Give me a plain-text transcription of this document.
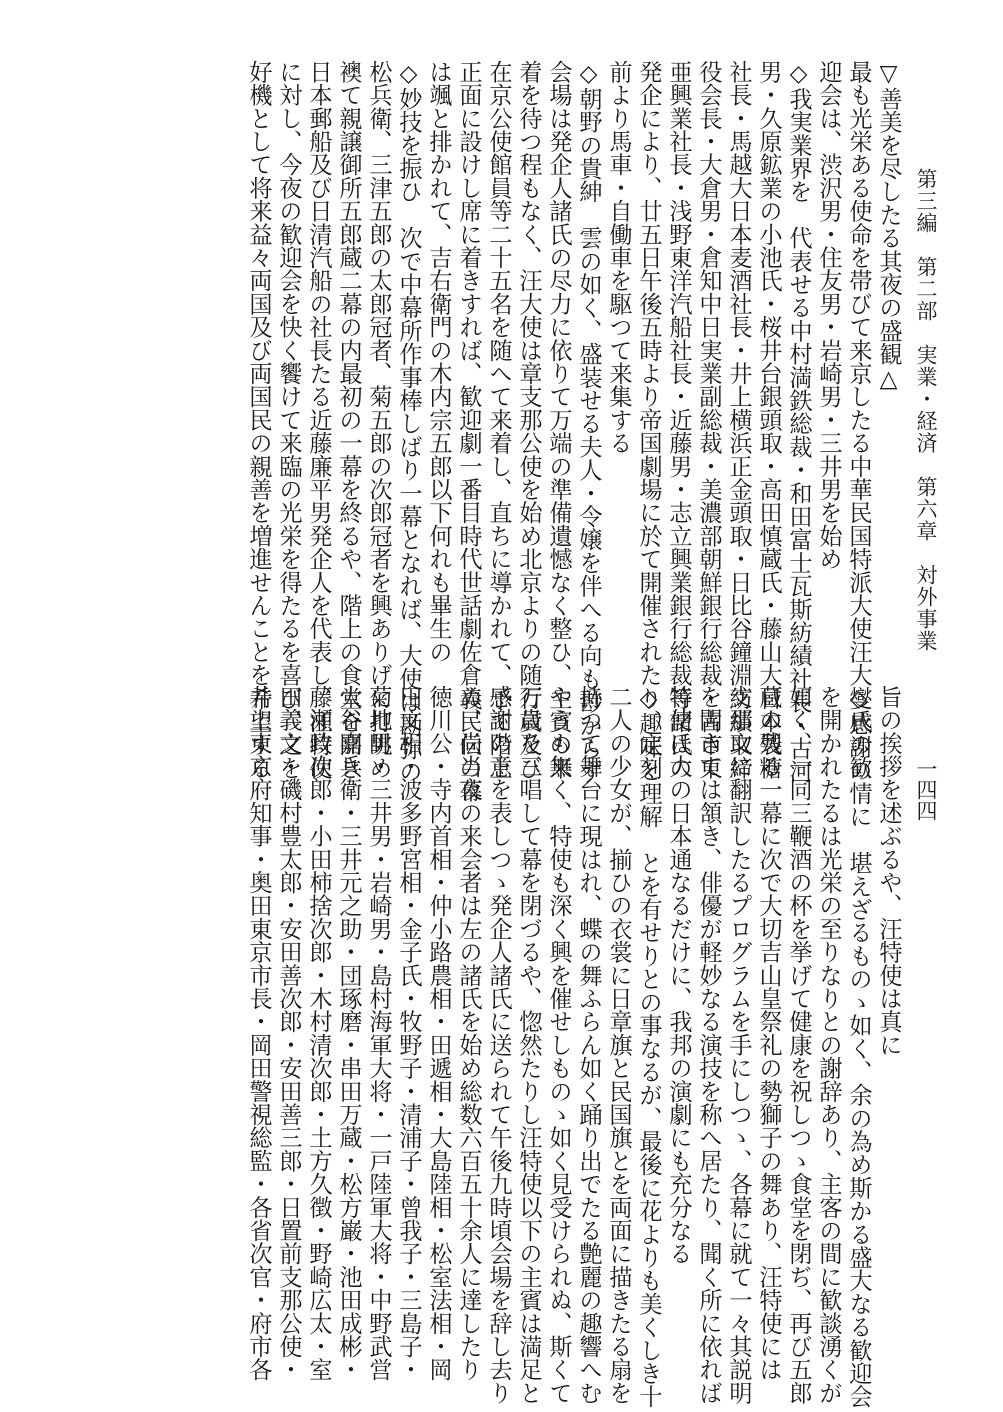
第三編　第二部　実業・経済　第六章　対外事業
一四四
▽善美を尽したる其夜の盛観△
最も光栄ある使命を帯びて来京したる中華民国特派大使汪大燮氏の歓
迎会は、渋沢男・住友男・岩崎男・三井男を始め
◇我実業界を　代表せる中村満鉄総裁・和田富士瓦斯紡績社長・古河
男・久原鉱業の小池氏・桜井台銀頭取・高田慎蔵氏・藤山大日本製糖
社長・馬越大日本麦酒社長・井上横浜正金頭取・日比谷鐘淵紡績取締
役会長・大倉男・倉知中日実業副総裁・美濃部朝鮮銀行総裁・古市東
亜興業社長・浅野東洋汽船社長・近藤男・志立興業銀行総裁等諸氏の
発企により、廿五日午後五時より帝国劇場に於て開催されたり、定刻
前より馬車・自働車を駆つて来集する
◇朝野の貴紳　雲の如く、盛装せる夫人・令嬢を伴へる向も尠からず
会場は発企人諸氏の尽力に依りて万端の準備遺憾なく整ひ、主賓の来
着を待つ程もなく、汪大使は章支那公使を始め北京よりの随行員及び
在京公使館員等二十五名を随へて来着し、直ちに導かれて、予て階上
正面に設けし席に着きすれば、歓迎劇一番目時代世話劇佐倉義民伝の幕
は颯と排かれて、吉右衛門の木内宗五郎以下何れも畢生の
◇妙技を振ひ　次で中幕所作事棒しばり一幕となれば、大使は勘弥の
松兵衛、三津五郎の太郎冠者、菊五郎の次郎冠者を興ありげに打眺め
襖て親譲御所五郎蔵二幕の内最初の一幕を終るや、階上の食堂を開き
日本郵船及び日清汽船の社長たる近藤廉平男発企人を代表し、汪特使
に対し、今夜の歓迎会を快く饗けて来臨の光栄を得たるを喜び、之を
好機として将来益々両国及び両国民の親善を増進せんことを希望する
旨の挨拶を述ぶるや、汪特使は真に
◇感謝の情に　堪えざるものゝ如く、余の為め斯かる盛大なる歓迎会
を開かれたるは光栄の至りなりとの謝辞あり、主客の間に歓談湧くが
如く、一同三鞭酒の杯を挙げて健康を祝しつゝ食堂を閉ぢ、再び五郎
蔵の残る一幕に次で大切吉山皇祭礼の勢獅子の舞あり、汪特使には
支那文に翻訳したるプログラムを手にしつゝ、各幕に就て一々其説明
を聞きては頷き、俳優が軽妙なる演技を称へ居たり、聞く所に依れば
特使は大の日本通なるだけに、我邦の演劇にも充分なる
◇趣味と理解　とを有せりとの事なるが、最後に花よりも美くしき十
二人の少女が、揃ひの衣裳に日章旗と民国旗とを両面に描きたる扇を
持つて舞台に現はれ、蝶の舞ふらん如く踊り出でたる艶麗の趣響へむ
やうも無く、特使も深く興を催せしものゝ如く見受けられぬ、斯くて
万歳を三唱して幕を閉づるや、惚然たりし汪特使以下の主賓は満足と
感謝の意を表しつゝ発企人諸氏に送られて午後九時頃会場を辞し去り
ぬ、尚当夜の来会者は左の諸氏を始め総数六百五十余人に達したり
徳川公・寺内首相・仲小路農相・田遞相・大島陸相・松室法相・岡
田文相・波多野宮相・金子氏・牧野子・清浦子・曾我子・三島子・
菊地男・三井男・岩崎男・島村海軍大将・一戸陸軍大将・中野武営
大谷嘉兵衛・三井元之助・団琢磨・串田万蔵・松方巌・池田成彬・
藤瀬政次郎・小田柿捨次郎・木村清次郎・土方久徴・野崎広太・室
田義文・磯村豊太郎・安田善次郎・安田善三郎・日置前支那公使・
井上東京府知事・奥田東京市長・岡田警視総監・各省次官・府市各
